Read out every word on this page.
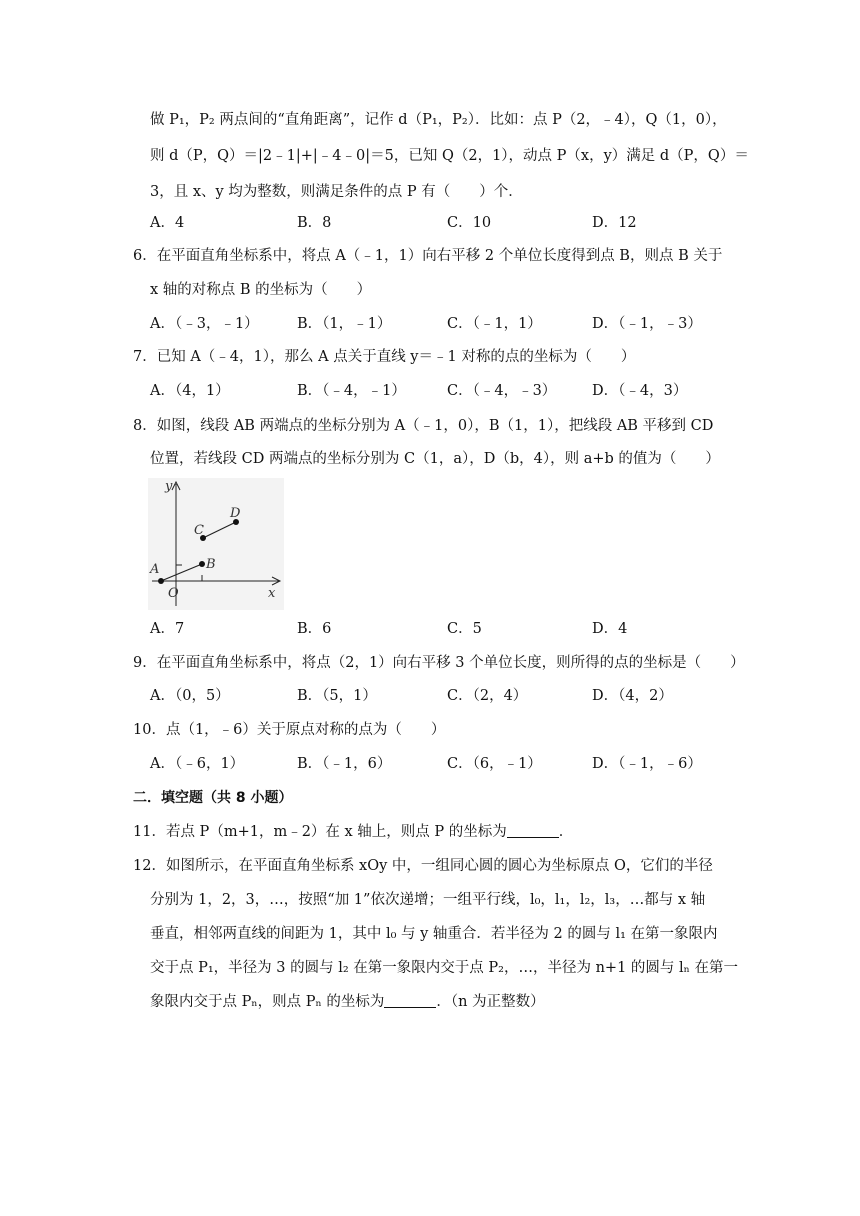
做 P₁，P₂ 两点间的“直角距离”，记作 d（P₁，P₂）．比如：点 P（2，﹣4），Q（1，0），
则 d（P，Q）＝|2﹣1|+|﹣4﹣0|＝5，已知 Q（2，1），动点 P（x，y）满足 d（P，Q）＝
3，且 x、y 均为整数，则满足条件的点 P 有（　　）个．
A．4	B．8	C．10	D．12
6．在平面直角坐标系中，将点 A（﹣1，1）向右平移 2 个单位长度得到点 B，则点 B 关于
x 轴的对称点 B 的坐标为（　　）
A．（﹣3，﹣1）	B．（1，﹣1）	C．（﹣1，1）	D．（﹣1，﹣3）
7．已知 A（﹣4，1），那么 A 点关于直线 y＝﹣1 对称的点的坐标为（　　）
A．（4，1）	B．（﹣4，﹣1）	C．（﹣4，﹣3） D．（﹣4，3）
8．如图，线段 AB 两端点的坐标分别为 A（﹣1，0），B（1，1），把线段 AB 平移到 CD
位置，若线段 CD 两端点的坐标分别为 C（1，a），D（b，4），则 a+b 的值为（　　）
y
x
O
A	B
C
D
A．7	B．6	C．5	D．4
9．在平面直角坐标系中，将点（2，1）向右平移 3 个单位长度，则所得的点的坐标是（　　）
A．（0，5）	B．（5，1）	C．（2，4）	D．（4，2）
10．点（1，﹣6）关于原点对称的点为（　　）
A．（﹣6，1）	B．（﹣1，6）	C．（6，﹣1）	D．（﹣1，﹣6）
二．填空题（共 8 小题）
11．若点 P（m+1，m﹣2）在 x 轴上，则点 P 的坐标为	．
12．如图所示，在平面直角坐标系 xOy 中，一组同心圆的圆心为坐标原点 O，它们的半径
分别为 1，2，3，…，按照“加 1”依次递增；一组平行线，l₀，l₁，l₂，l₃，…都与 x 轴
垂直，相邻两直线的间距为 1，其中 l₀ 与 y 轴重合．若半径为 2 的圆与 l₁ 在第一象限内
交于点 P₁，半径为 3 的圆与 l₂ 在第一象限内交于点 P₂，…，半径为 n+1 的圆与 lₙ 在第一
象限内交于点 Pₙ，则点 Pₙ 的坐标为	．（n 为正整数）
